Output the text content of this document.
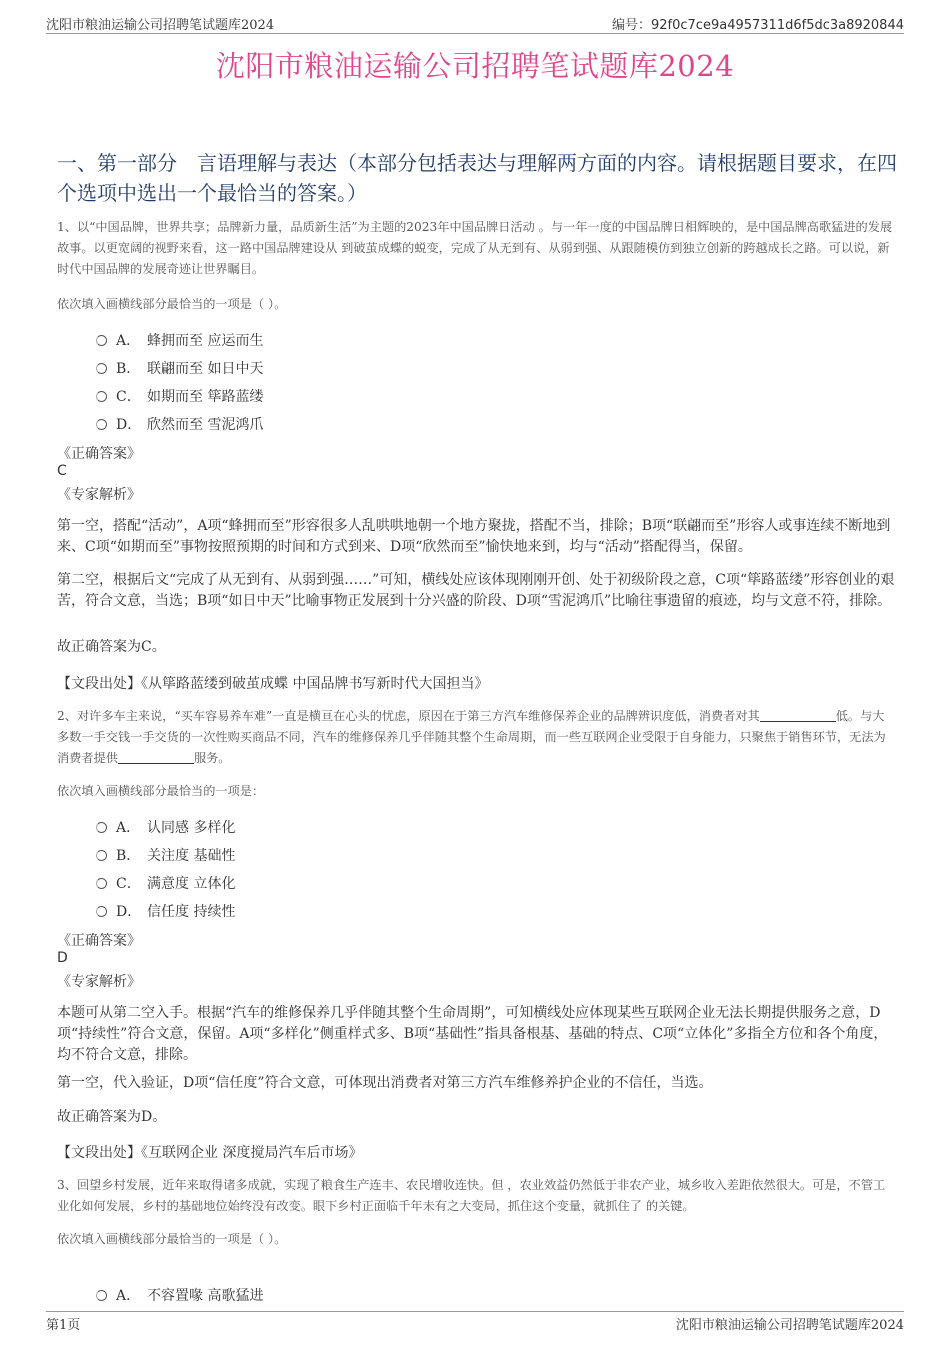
沈阳市粮油运输公司招聘笔试题库2024	编号：92f0c7ce9a4957311d6f5dc3a8920844
沈阳市粮油运输公司招聘笔试题库2024
一、第一部分　言语理解与表达（本部分包括表达与理解两方面的内容。请根据题目要求，在四个选项中选出一个最恰当的答案。）
1、以“中国品牌，世界共享；品牌新力量，品质新生活”为主题的2023年中国品牌日活动 。与一年一度的中国品牌日相辉映的，是中国品牌高歌猛进的发展故事。以更宽阔的视野来看，这一路中国品牌建设从 到破茧成蝶的蜕变，完成了从无到有、从弱到强、从跟随模仿到独立创新的跨越成长之路。可以说，新时代中国品牌的发展奇迹让世界瞩目。
依次填入画横线部分最恰当的一项是（ ）。
A． 蜂拥而至 应运而生
B． 联翩而至 如日中天
C． 如期而至 筚路蓝缕
D． 欣然而至 雪泥鸿爪
《正确答案》
C
《专家解析》
第一空，搭配“活动”，A项“蜂拥而至”形容很多人乱哄哄地朝一个地方聚拢，搭配不当，排除；B项“联翩而至”形容人或事连续不断地到来、C项“如期而至”事物按照预期的时间和方式到来、D项“欣然而至”愉快地来到，均与“活动”搭配得当，保留。
第二空，根据后文“完成了从无到有、从弱到强……”可知，横线处应该体现刚刚开创、处于初级阶段之意，C项“筚路蓝缕”形容创业的艰苦，符合文意，当选；B项“如日中天”比喻事物正发展到十分兴盛的阶段、D项“雪泥鸿爪”比喻往事遗留的痕迹，均与文意不符，排除。
故正确答案为C。
【文段出处】《从筚路蓝缕到破茧成蝶 中国品牌书写新时代大国担当》
2、对许多车主来说，“买车容易养车难”一直是横亘在心头的忧虑，原因在于第三方汽车维修保养企业的品牌辨识度低，消费者对其	低。与大多数一手交钱一手交货的一次性购买商品不同，汽车的维修保养几乎伴随其整个生命周期，而一些互联网企业受限于自身能力，只聚焦于销售环节，无法为消费者提供	服务。
依次填入画横线部分最恰当的一项是：
A． 认同感 多样化
B． 关注度 基础性
C． 满意度 立体化
D． 信任度 持续性
《正确答案》
D
《专家解析》
本题可从第二空入手。根据“汽车的维修保养几乎伴随其整个生命周期”，可知横线处应体现某些互联网企业无法长期提供服务之意，D项“持续性”符合文意，保留。A项“多样化”侧重样式多、B项“基础性”指具备根基、基础的特点、C项“立体化”多指全方位和各个角度，均不符合文意，排除。
第一空，代入验证，D项“信任度”符合文意，可体现出消费者对第三方汽车维修养护企业的不信任，当选。
故正确答案为D。
【文段出处】《互联网企业 深度搅局汽车后市场》
3、回望乡村发展，近年来取得诸多成就，实现了粮食生产连丰、农民增收连快。但 ，农业效益仍然低于非农产业，城乡收入差距依然很大。可是，不管工业化如何发展，乡村的基础地位始终没有改变。眼下乡村正面临千年未有之大变局，抓住这个变量，就抓住了 的关键。
依次填入画横线部分最恰当的一项是（ ）。
A． 不容置喙 高歌猛进
第1页	沈阳市粮油运输公司招聘笔试题库2024
